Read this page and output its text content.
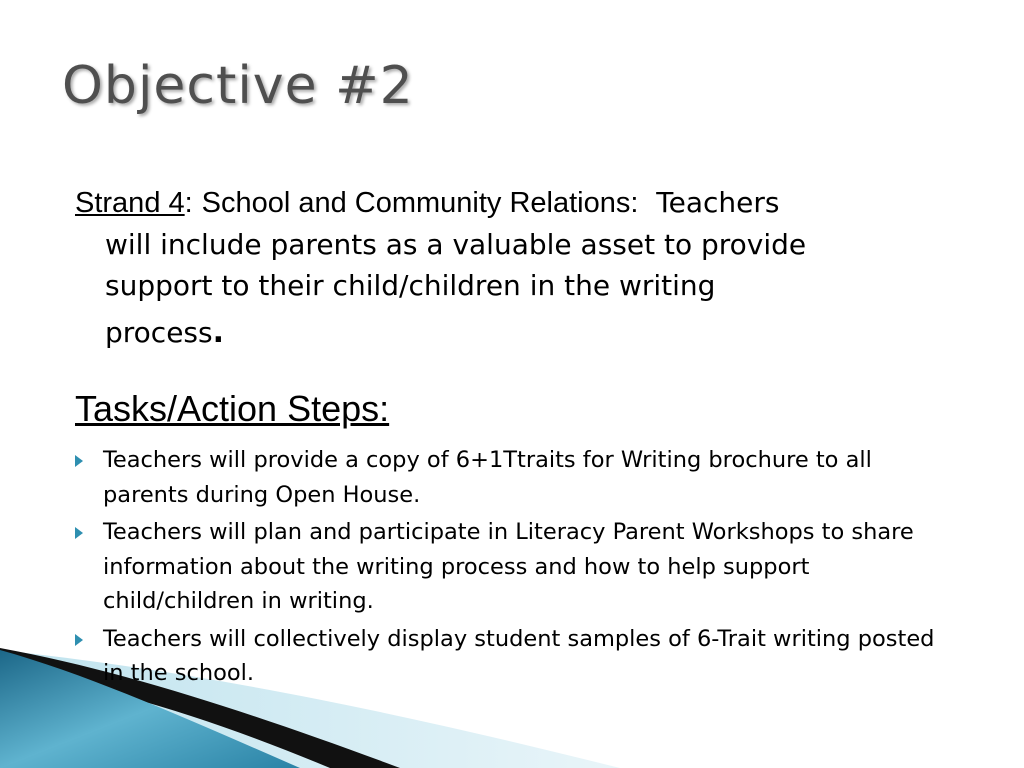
Objective #2
Strand 4: School and Community Relations: Teachers
will include parents as a valuable asset to provide
support to their child/children in the writing
process.
Tasks/Action Steps:
Teachers will provide a copy of 6+1Ttraits for Writing brochure to all parents during Open House.
Teachers will plan and participate in Literacy Parent Workshops to share information about the writing process and how to help support child/children in writing.
Teachers will collectively display student samples of 6-Trait writing posted in the school.
